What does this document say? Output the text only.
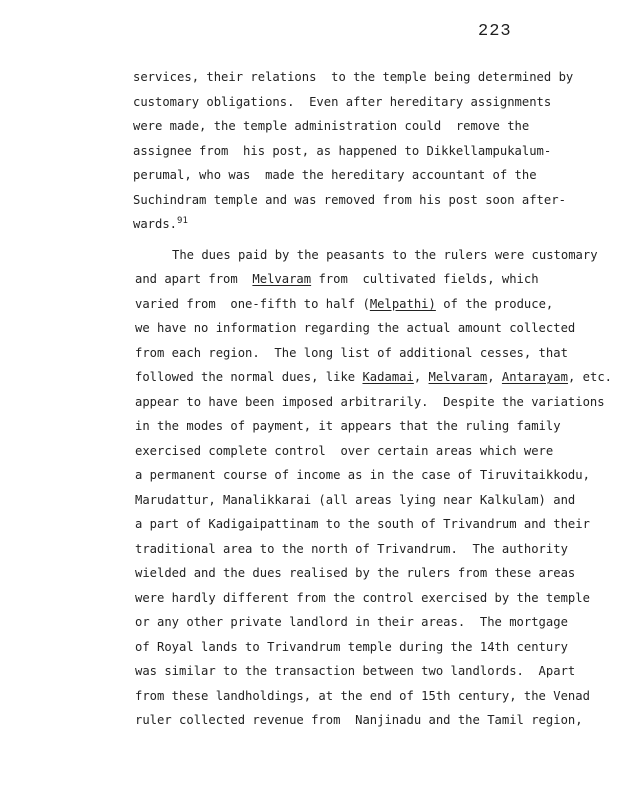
223
services, their relations  to the temple being determined by
customary obligations.  Even after hereditary assignments
were made, the temple administration could  remove the
assignee from  his post, as happened to Dikkellampukalum-
perumal, who was  made the hereditary accountant of the
Suchindram temple and was removed from his post soon after-
wards.$^{91}$
The dues paid by the peasants to the rulers were customary
and apart from  Melvaram from  cultivated fields, which
varied from  one-fifth to half (Melpathi) of the produce,
we have no information regarding the actual amount collected
from each region.  The long list of additional cesses, that
followed the normal dues, like Kadamai, Melvaram, Antarayam, etc.
appear to have been imposed arbitrarily.  Despite the variations
in the modes of payment, it appears that the ruling family
exercised complete control  over certain areas which were
a permanent course of income as in the case of Tiruvitaikkodu,
Marudattur, Manalikkarai (all areas lying near Kalkulam) and
a part of Kadigaipattinam to the south of Trivandrum and their
traditional area to the north of Trivandrum.  The authority
wielded and the dues realised by the rulers from these areas
were hardly different from the control exercised by the temple
or any other private landlord in their areas.  The mortgage
of Royal lands to Trivandrum temple during the 14th century
was similar to the transaction between two landlords.  Apart
from these landholdings, at the end of 15th century, the Venad
ruler collected revenue from  Nanjinadu and the Tamil region,
